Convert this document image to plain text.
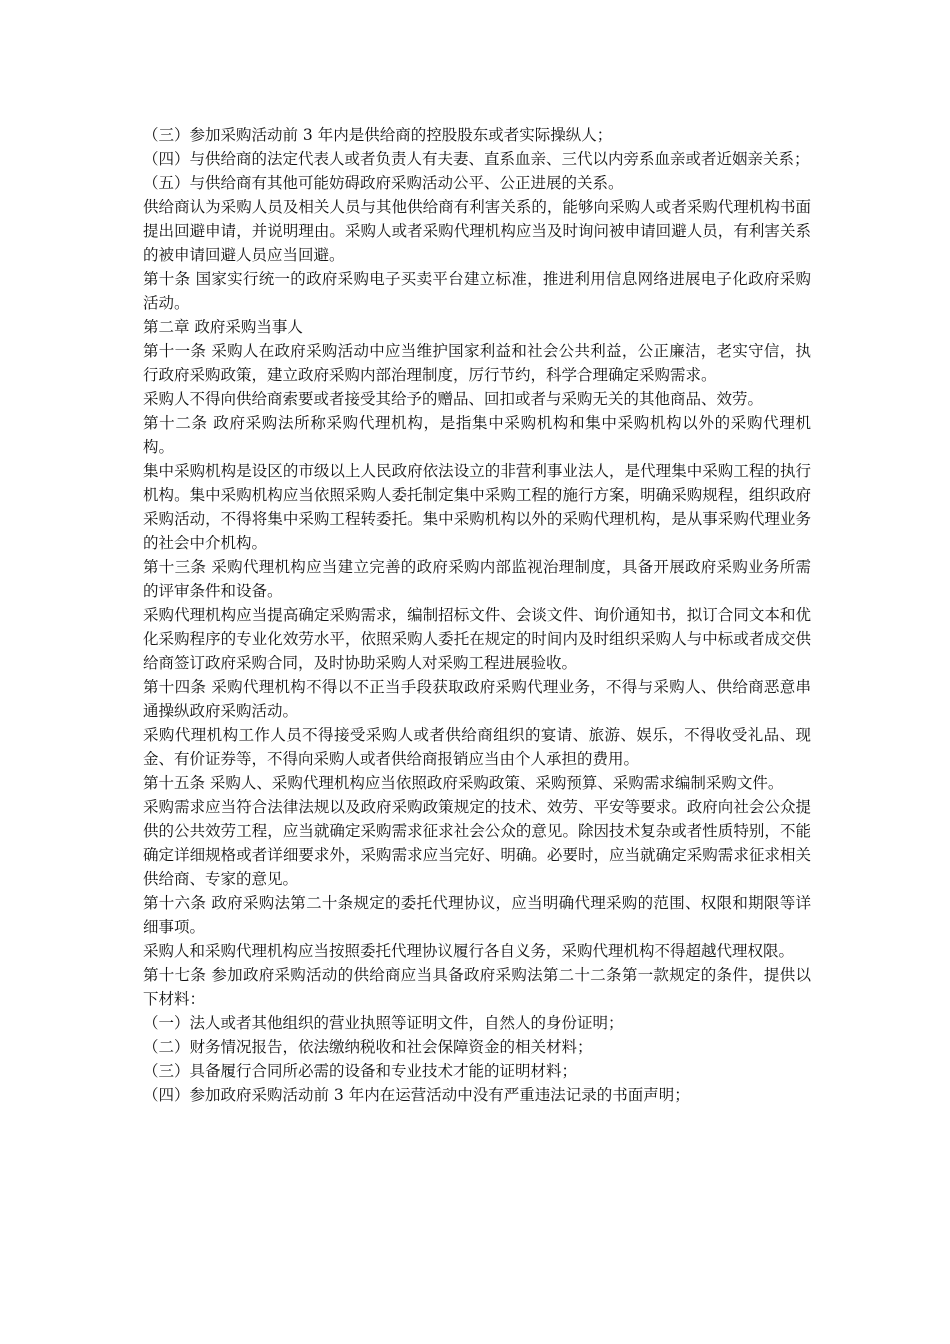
（三）参加采购活动前 3 年内是供给商的控股股东或者实际操纵人；

（四）与供给商的法定代表人或者负责人有夫妻、直系血亲、三代以内旁系血亲或者近姻亲关系；

（五）与供给商有其他可能妨碍政府采购活动公平、公正进展的关系。

供给商认为采购人员及相关人员与其他供给商有利害关系的，能够向采购人或者采购代理机构书面提出回避申请，并说明理由。采购人或者采购代理机构应当及时询问被申请回避人员，有利害关系的被申请回避人员应当回避。

第十条 国家实行统一的政府采购电子买卖平台建立标准，推进利用信息网络进展电子化政府采购活动。

第二章 政府采购当事人

第十一条 采购人在政府采购活动中应当维护国家利益和社会公共利益，公正廉洁，老实守信，执行政府采购政策，建立政府采购内部治理制度，厉行节约，科学合理确定采购需求。

采购人不得向供给商索要或者接受其给予的赠品、回扣或者与采购无关的其他商品、效劳。

第十二条 政府采购法所称采购代理机构，是指集中采购机构和集中采购机构以外的采购代理机构。

集中采购机构是设区的市级以上人民政府依法设立的非营利事业法人，是代理集中采购工程的执行机构。集中采购机构应当依照采购人委托制定集中采购工程的施行方案，明确采购规程，组织政府采购活动，不得将集中采购工程转委托。集中采购机构以外的采购代理机构，是从事采购代理业务的社会中介机构。

第十三条 采购代理机构应当建立完善的政府采购内部监视治理制度，具备开展政府采购业务所需的评审条件和设备。

采购代理机构应当提高确定采购需求，编制招标文件、会谈文件、询价通知书，拟订合同文本和优化采购程序的专业化效劳水平，依照采购人委托在规定的时间内及时组织采购人与中标或者成交供给商签订政府采购合同，及时协助采购人对采购工程进展验收。

第十四条 采购代理机构不得以不正当手段获取政府采购代理业务，不得与采购人、供给商恶意串通操纵政府采购活动。

采购代理机构工作人员不得接受采购人或者供给商组织的宴请、旅游、娱乐，不得收受礼品、现金、有价证券等，不得向采购人或者供给商报销应当由个人承担的费用。

第十五条 采购人、采购代理机构应当依照政府采购政策、采购预算、采购需求编制采购文件。

采购需求应当符合法律法规以及政府采购政策规定的技术、效劳、平安等要求。政府向社会公众提供的公共效劳工程，应当就确定采购需求征求社会公众的意见。除因技术复杂或者性质特别，不能确定详细规格或者详细要求外，采购需求应当完好、明确。必要时，应当就确定采购需求征求相关供给商、专家的意见。

第十六条 政府采购法第二十条规定的委托代理协议，应当明确代理采购的范围、权限和期限等详细事项。

采购人和采购代理机构应当按照委托代理协议履行各自义务，采购代理机构不得超越代理权限。

第十七条 参加政府采购活动的供给商应当具备政府采购法第二十二条第一款规定的条件，提供以下材料：

（一）法人或者其他组织的营业执照等证明文件，自然人的身份证明；

（二）财务情况报告，依法缴纳税收和社会保障资金的相关材料；

（三）具备履行合同所必需的设备和专业技术才能的证明材料；

（四）参加政府采购活动前 3 年内在运营活动中没有严重违法记录的书面声明；
